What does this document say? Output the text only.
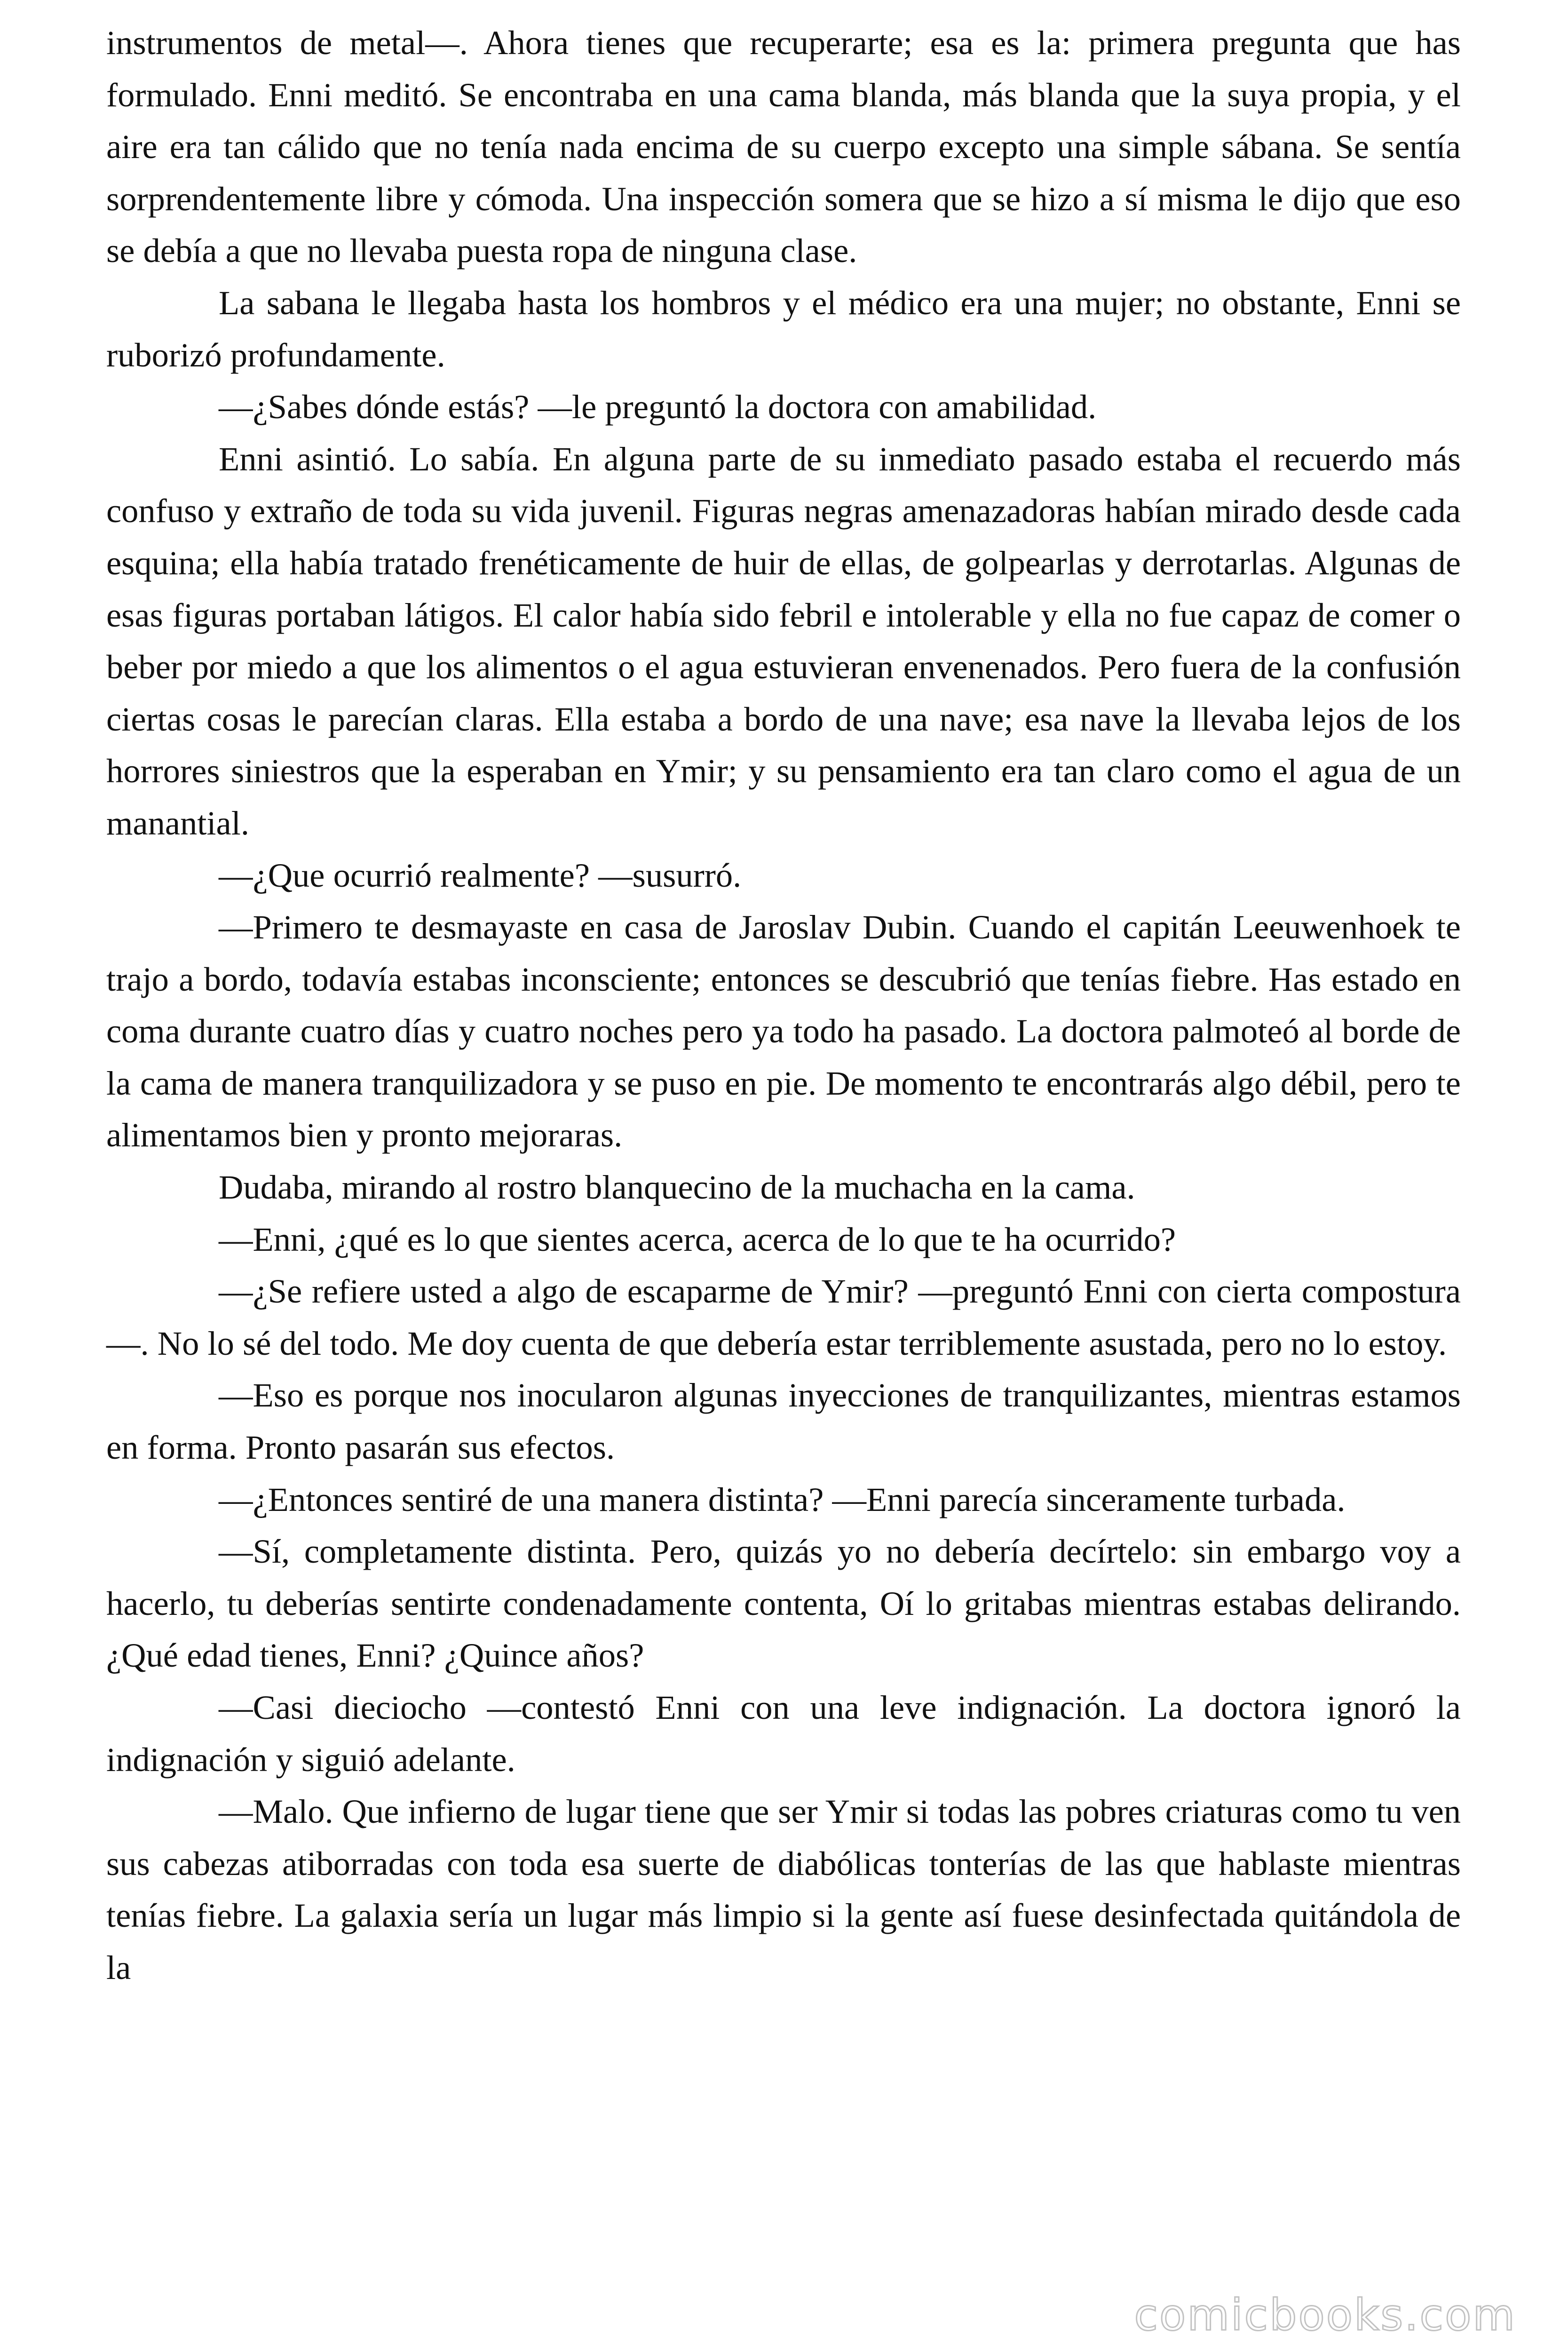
instrumentos de metal—. Ahora tienes que recuperarte; esa es la: primera pregunta que has formulado. Enni meditó. Se encontraba en una cama blanda, más blanda que la suya propia, y el aire era tan cálido que no tenía nada encima de su cuerpo excepto una simple sábana. Se sentía sorprendentemente libre y cómoda. Una inspección somera que se hizo a sí misma le dijo que eso se debía a que no llevaba puesta ropa de ninguna clase.

La sabana le llegaba hasta los hombros y el médico era una mujer; no obstante, Enni se ruborizó profundamente.

—¿Sabes dónde estás? —le preguntó la doctora con amabilidad.

Enni asintió. Lo sabía. En alguna parte de su inmediato pasado estaba el recuerdo más confuso y extraño de toda su vida juvenil. Figuras negras amenazadoras habían mirado desde cada esquina; ella había tratado frenéticamente de huir de ellas, de golpearlas y derrotarlas. Algunas de esas figuras portaban látigos. El calor había sido febril e intolerable y ella no fue capaz de comer o beber por miedo a que los alimentos o el agua estuvieran envenenados. Pero fuera de la confusión ciertas cosas le parecían claras. Ella estaba a bordo de una nave; esa nave la llevaba lejos de los horrores siniestros que la esperaban en Ymir; y su pensamiento era tan claro como el agua de un manantial.

—¿Que ocurrió realmente? —susurró.

—Primero te desmayaste en casa de Jaroslav Dubin. Cuando el capitán Leeuwenhoek te trajo a bordo, todavía estabas inconsciente; entonces se descubrió que tenías fiebre. Has estado en coma durante cuatro días y cuatro noches pero ya todo ha pasado. La doctora palmoteó al borde de la cama de manera tranquilizadora y se puso en pie. De momento te encontrarás algo débil, pero te alimentamos bien y pronto mejoraras.

Dudaba, mirando al rostro blanquecino de la muchacha en la cama.

—Enni, ¿qué es lo que sientes acerca, acerca de lo que te ha ocurrido?

—¿Se refiere usted a algo de escaparme de Ymir? —preguntó Enni con cierta compostura—. No lo sé del todo. Me doy cuenta de que debería estar terriblemente asustada, pero no lo estoy.

—Eso es porque nos inocularon algunas inyecciones de tranquilizantes, mientras estamos en forma. Pronto pasarán sus efectos.

—¿Entonces sentiré de una manera distinta? —Enni parecía sinceramente turbada.

—Sí, completamente distinta. Pero, quizás yo no debería decírtelo: sin embargo voy a hacerlo, tu deberías sentirte condenadamente contenta, Oí lo gritabas mientras estabas delirando. ¿Qué edad tienes, Enni? ¿Quince años?

—Casi dieciocho —contestó Enni con una leve indignación. La doctora ignoró la indignación y siguió adelante.

—Malo. Que infierno de lugar tiene que ser Ymir si todas las pobres criaturas como tu ven sus cabezas atiborradas con toda esa suerte de diabólicas tonterías de las que hablaste mientras tenías fiebre. La galaxia sería un lugar más limpio si la gente así fuese desinfectada quitándola de la

comicbooks.com
